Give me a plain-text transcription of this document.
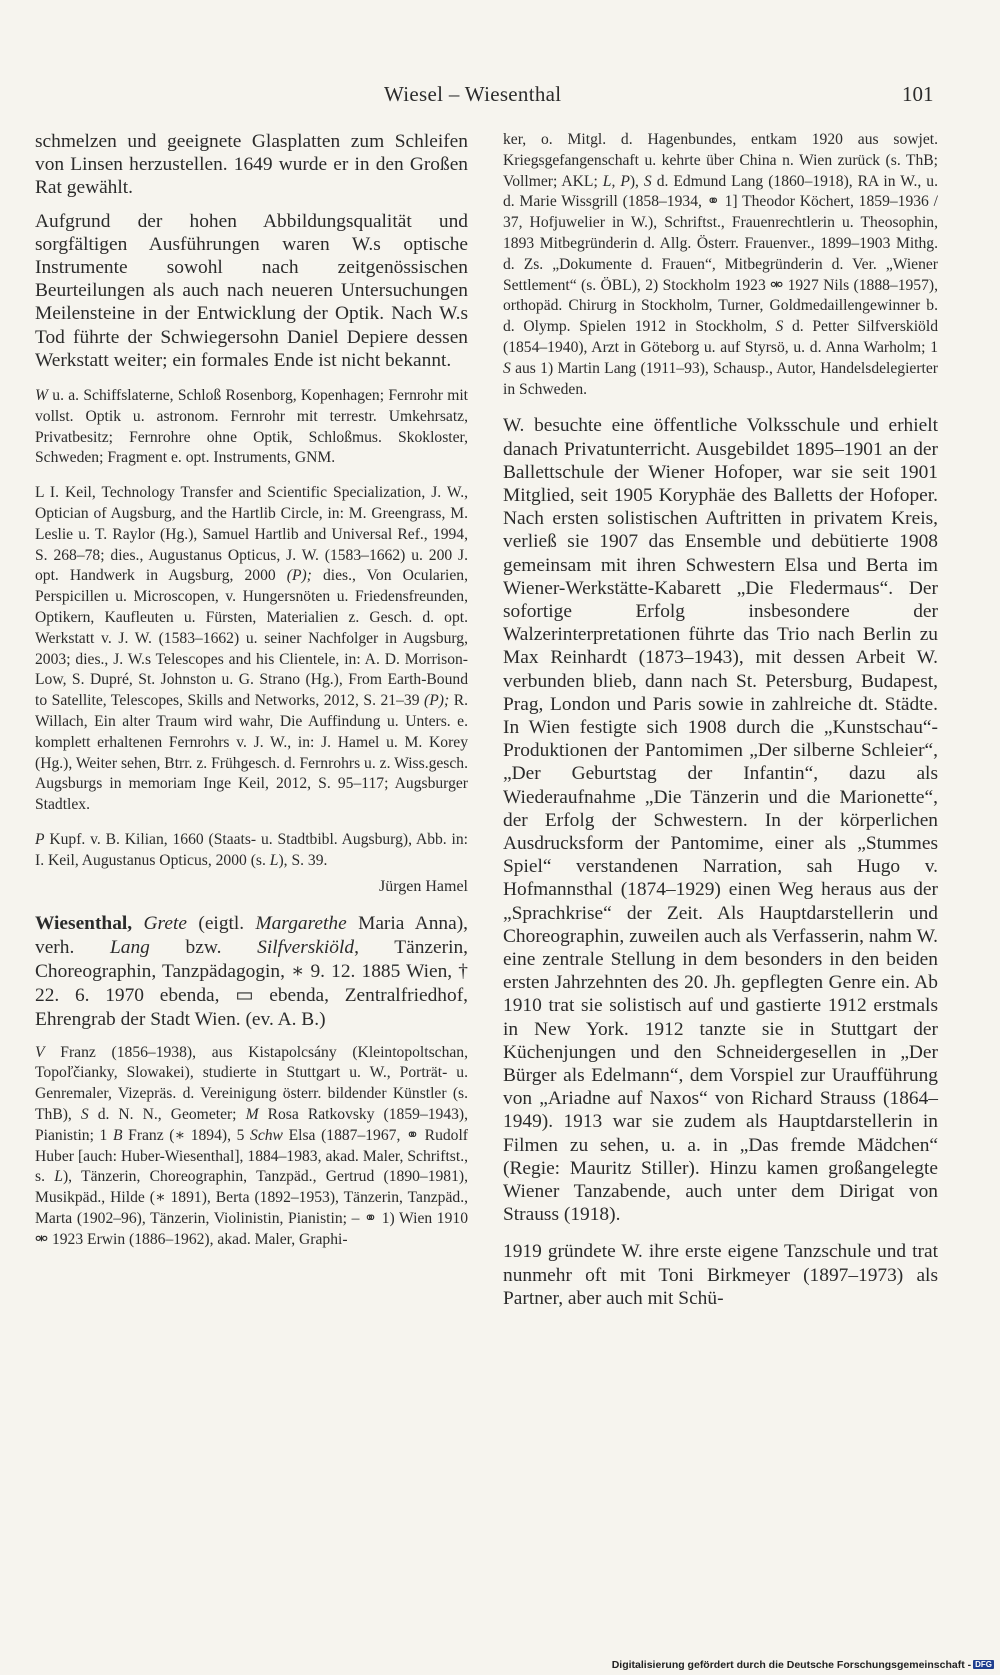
Wiesel – Wiesenthal	101

schmelzen und geeignete Glasplatten zum Schleifen von Linsen herzustellen. 1649 wurde er in den Großen Rat gewählt.

Aufgrund der hohen Abbildungsqualität und sorgfältigen Ausführungen waren W.s optische Instrumente sowohl nach zeitgenössischen Beurteilungen als auch nach neueren Untersuchungen Meilensteine in der Entwicklung der Optik. Nach W.s Tod führte der Schwiegersohn Daniel Depiere dessen Werkstatt weiter; ein formales Ende ist nicht bekannt.

W u. a. Schiffslaterne, Schloß Rosenborg, Kopenhagen; Fernrohr mit vollst. Optik u. astronom. Fernrohr mit terrestr. Umkehrsatz, Privatbesitz; Fernrohre ohne Optik, Schloßmus. Skokloster, Schweden; Fragment e. opt. Instruments, GNM.

L I. Keil, Technology Transfer and Scientific Specialization, J. W., Optician of Augsburg, and the Hartlib Circle, in: M. Greengrass, M. Leslie u. T. Raylor (Hg.), Samuel Hartlib and Universal Ref., 1994, S. 268–78; dies., Augustanus Opticus, J. W. (1583–1662) u. 200 J. opt. Handwerk in Augsburg, 2000 (P); dies., Von Ocularien, Perspicillen u. Microscopen, v. Hungersnöten u. Friedensfreunden, Optikern, Kaufleuten u. Fürsten, Materialien z. Gesch. d. opt. Werkstatt v. J. W. (1583–1662) u. seiner Nachfolger in Augsburg, 2003; dies., J. W.s Telescopes and his Clientele, in: A. D. Morrison-Low, S. Dupré, St. Johnston u. G. Strano (Hg.), From Earth-Bound to Satellite, Telescopes, Skills and Networks, 2012, S. 21–39 (P); R. Willach, Ein alter Traum wird wahr, Die Auffindung u. Unters. e. komplett erhaltenen Fernrohrs v. J. W., in: J. Hamel u. M. Korey (Hg.), Weiter sehen, Btrr. z. Frühgesch. d. Fernrohrs u. z. Wiss.gesch. Augsburgs in memoriam Inge Keil, 2012, S. 95–117; Augsburger Stadtlex.

P Kupf. v. B. Kilian, 1660 (Staats- u. Stadtbibl. Augsburg), Abb. in: I. Keil, Augustanus Opticus, 2000 (s. L), S. 39.

Jürgen Hamel

Wiesenthal, Grete (eigtl. Margarethe Maria Anna), verh. Lang bzw. Silfverskiöld, Tänzerin, Choreographin, Tanzpädagogin, ∗ 9. 12. 1885 Wien, † 22. 6. 1970 ebenda, ▭ ebenda, Zentralfriedhof, Ehrengrab der Stadt Wien. (ev. A. B.)

V Franz (1856–1938), aus Kistapolcsány (Kleintopoltschan, Topoľčianky, Slowakei), studierte in Stuttgart u. W., Porträt- u. Genremaler, Vizepräs. d. Vereinigung österr. bildender Künstler (s. ThB), S d. N. N., Geometer; M Rosa Ratkovsky (1859–1943), Pianistin; 1 B Franz (∗ 1894), 5 Schw Elsa (1887–1967, ⚭ Rudolf Huber [auch: Huber-Wiesenthal], 1884–1983, akad. Maler, Schriftst., s. L), Tänzerin, Choreographin, Tanzpäd., Gertrud (1890–1981), Musikpäd., Hilde (∗ 1891), Berta (1892–1953), Tänzerin, Tanzpäd., Marta (1902–96), Tänzerin, Violinistin, Pianistin; – ⚭ 1) Wien 1910 ⚮ 1923 Erwin (1886–1962), akad. Maler, Graphi-

ker, o. Mitgl. d. Hagenbundes, entkam 1920 aus sowjet. Kriegsgefangenschaft u. kehrte über China n. Wien zurück (s. ThB; Vollmer; AKL; L, P), S d. Edmund Lang (1860–1918), RA in W., u. d. Marie Wissgrill (1858–1934, ⚭ 1] Theodor Köchert, 1859–1936 / 37, Hofjuwelier in W.), Schriftst., Frauenrechtlerin u. Theosophin, 1893 Mitbegründerin d. Allg. Österr. Frauenver., 1899–1903 Mithg. d. Zs. „Dokumente d. Frauen“, Mitbegründerin d. Ver. „Wiener Settlement“ (s. ÖBL), 2) Stockholm 1923 ⚮ 1927 Nils (1888–1957), orthopäd. Chirurg in Stockholm, Turner, Goldmedaillengewinner b. d. Olymp. Spielen 1912 in Stockholm, S d. Petter Silfverskiöld (1854–1940), Arzt in Göteborg u. auf Styrsö, u. d. Anna Warholm; 1 S aus 1) Martin Lang (1911–93), Schausp., Autor, Handelsdelegierter in Schweden.

W. besuchte eine öffentliche Volksschule und erhielt danach Privatunterricht. Ausgebildet 1895–1901 an der Ballettschule der Wiener Hofoper, war sie seit 1901 Mitglied, seit 1905 Koryphäe des Balletts der Hofoper. Nach ersten solistischen Auftritten in privatem Kreis, verließ sie 1907 das Ensemble und debütierte 1908 gemeinsam mit ihren Schwestern Elsa und Berta im Wiener-Werkstätte-Kabarett „Die Fledermaus“. Der sofortige Erfolg insbesondere der Walzerinterpretationen führte das Trio nach Berlin zu Max Reinhardt (1873–1943), mit dessen Arbeit W. verbunden blieb, dann nach St. Petersburg, Budapest, Prag, London und Paris sowie in zahlreiche dt. Städte. In Wien festigte sich 1908 durch die „Kunstschau“-Produktionen der Pantomimen „Der silberne Schleier“, „Der Geburtstag der Infantin“, dazu als Wiederaufnahme „Die Tänzerin und die Marionette“, der Erfolg der Schwestern. In der körperlichen Ausdrucksform der Pantomime, einer als „Stummes Spiel“ verstandenen Narration, sah Hugo v. Hofmannsthal (1874–1929) einen Weg heraus aus der „Sprachkrise“ der Zeit. Als Hauptdarstellerin und Choreographin, zuweilen auch als Verfasserin, nahm W. eine zentrale Stellung in dem besonders in den beiden ersten Jahrzehnten des 20. Jh. gepflegten Genre ein. Ab 1910 trat sie solistisch auf und gastierte 1912 erstmals in New York. 1912 tanzte sie in Stuttgart der Küchenjungen und den Schneidergesellen in „Der Bürger als Edelmann“, dem Vorspiel zur Uraufführung von „Ariadne auf Naxos“ von Richard Strauss (1864–1949). 1913 war sie zudem als Hauptdarstellerin in Filmen zu sehen, u. a. in „Das fremde Mädchen“ (Regie: Mauritz Stiller). Hinzu kamen großangelegte Wiener Tanzabende, auch unter dem Dirigat von Strauss (1918).

1919 gründete W. ihre erste eigene Tanzschule und trat nunmehr oft mit Toni Birkmeyer (1897–1973) als Partner, aber auch mit Schü-

Digitalisierung gefördert durch die Deutsche Forschungsgemeinschaft - DFG
